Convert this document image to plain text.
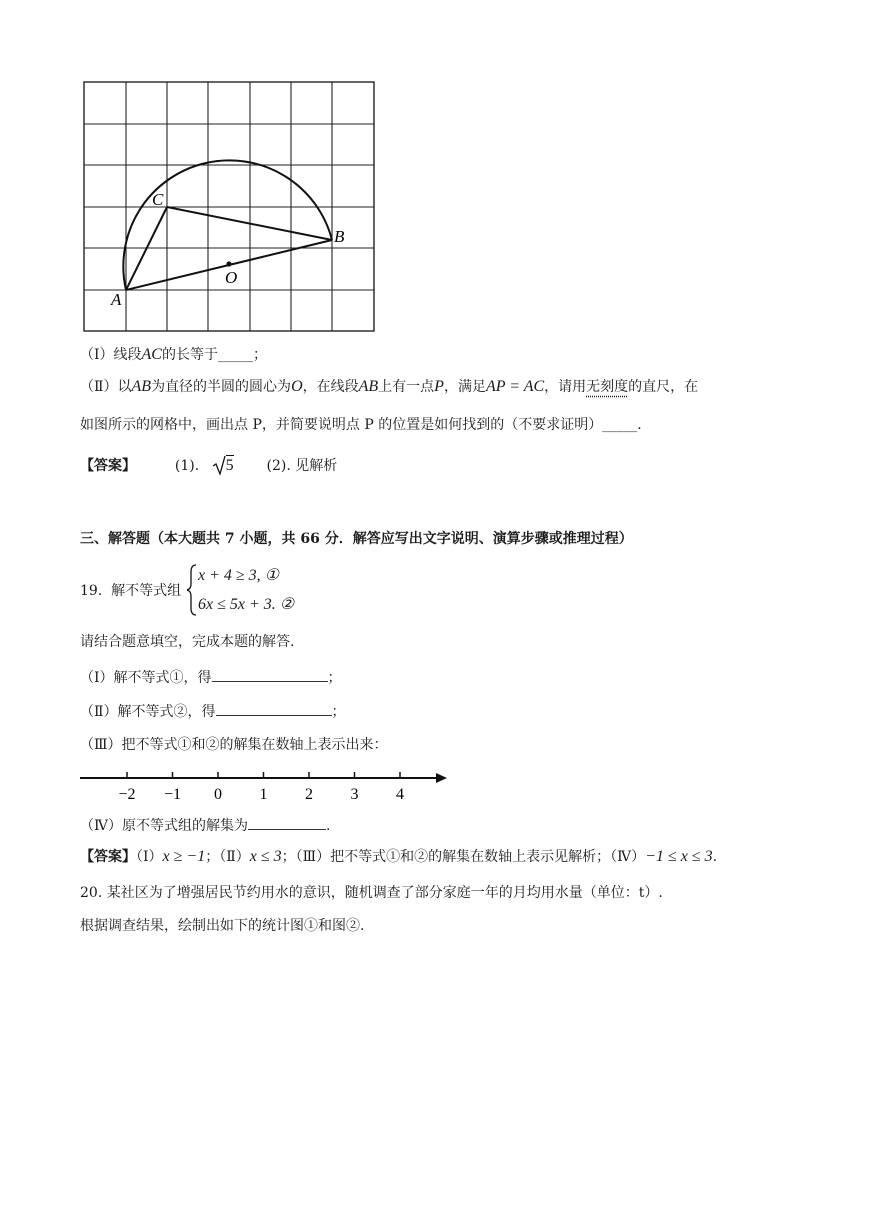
A
B
C
O
（Ⅰ）线段AC的长等于_____；
（Ⅱ）以AB为直径的半圆的圆心为O，在线段AB上有一点P，满足AP = AC，请用无刻度的直尺，在
如图所示的网格中，画出点 P，并简要说明点 P 的位置是如何找到的（不要求证明）_____.
【答案】	(1). 5 (2). 见解析
三、解答题（本大题共 7 小题，共 66 分．解答应写出文字说明、演算步骤或推理过程）
19. 解不等式组
x + 4 ≥ 3, ①
6x ≤ 5x + 3. ②
请结合题意填空，完成本题的解答.
（Ⅰ）解不等式①，得	；
（Ⅱ）解不等式②，得	；
（Ⅲ）把不等式①和②的解集在数轴上表示出来：
−2 −1 0 1 2 3 4
（Ⅳ）原不等式组的解集为	.
【答案】（Ⅰ）x ≥ −1；（Ⅱ）x ≤ 3；（Ⅲ）把不等式①和②的解集在数轴上表示见解析；（Ⅳ）−1 ≤ x ≤ 3.
20. 某社区为了增强居民节约用水的意识，随机调查了部分家庭一年的月均用水量（单位：t）.
根据调查结果，绘制出如下的统计图①和图②.
